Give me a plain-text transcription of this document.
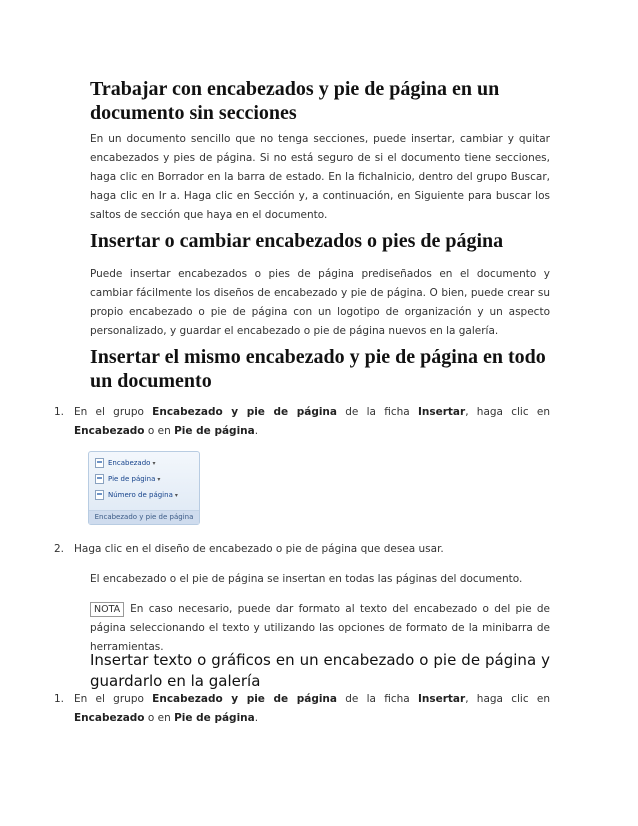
Trabajar con encabezados y pie de página en un documento sin secciones

En un documento sencillo que no tenga secciones, puede insertar, cambiar y quitar encabezados y pies de página. Si no está seguro de si el documento tiene secciones, haga clic en Borrador en la barra de estado. En la fichaInicio, dentro del grupo Buscar, haga clic en Ir a. Haga clic en Sección y, a continuación, en Siguiente para buscar los saltos de sección que haya en el documento.

Insertar o cambiar encabezados o pies de página

Puede insertar encabezados o pies de página prediseñados en el documento y cambiar fácilmente los diseños de encabezado y pie de página. O bien, puede crear su propio encabezado o pie de página con un logotipo de organización y un aspecto personalizado, y guardar el encabezado o pie de página nuevos en la galería.

Insertar el mismo encabezado y pie de página en todo un documento
1. En el grupo Encabezado y pie de página de la ficha Insertar, haga clic en Encabezado o en Pie de página.
Encabezado ▾
Pie de página ▾
Número de página ▾
Encabezado y pie de página
2. Haga clic en el diseño de encabezado o pie de página que desea usar.

El encabezado o el pie de página se insertan en todas las páginas del documento.

NOTA En caso necesario, puede dar formato al texto del encabezado o del pie de página seleccionando el texto y utilizando las opciones de formato de la minibarra de herramientas.

Insertar texto o gráficos en un encabezado o pie de página y guardarlo en la galería
1. En el grupo Encabezado y pie de página de la ficha Insertar, haga clic en Encabezado o en Pie de página.
